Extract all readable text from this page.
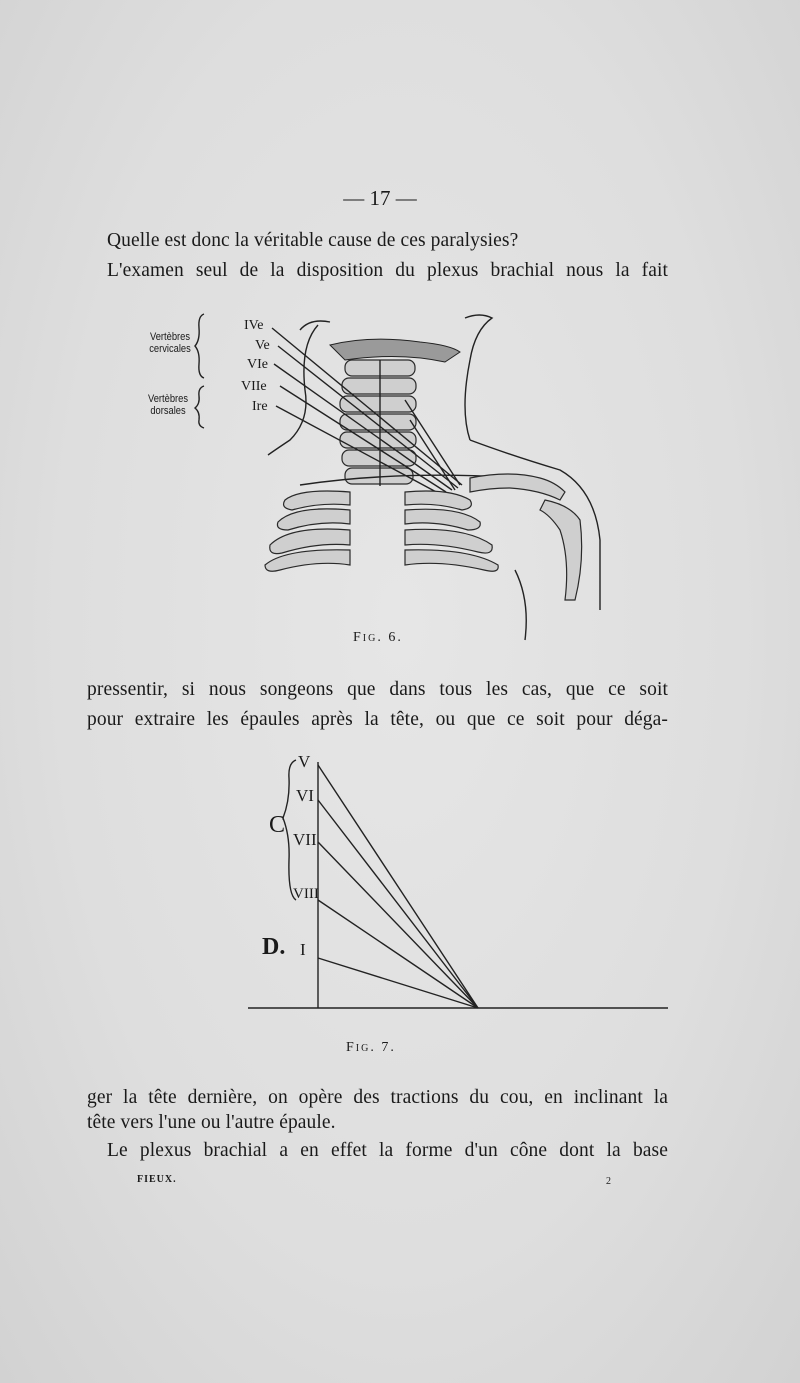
— 17 —
Quelle est donc la véritable cause de ces paralysies?
L'examen seul de la disposition du plexus brachial nous la fait
Vertèbres
cervicales
Vertèbres
dorsales
IVe
Ve
VIe
VIIe
Ire
Fig. 6.
pressentir, si nous songeons que dans tous les cas, que ce soit
pour extraire les épaules après la tête, ou que ce soit pour déga-
V
VI
VII
VIII
I
C
D.
Fig. 7.
ger la tête dernière, on opère des tractions du cou, en inclinant la
tête vers l'une ou l'autre épaule.
Le plexus brachial a en effet la forme d'un cône dont la base
FIEUX.	2
